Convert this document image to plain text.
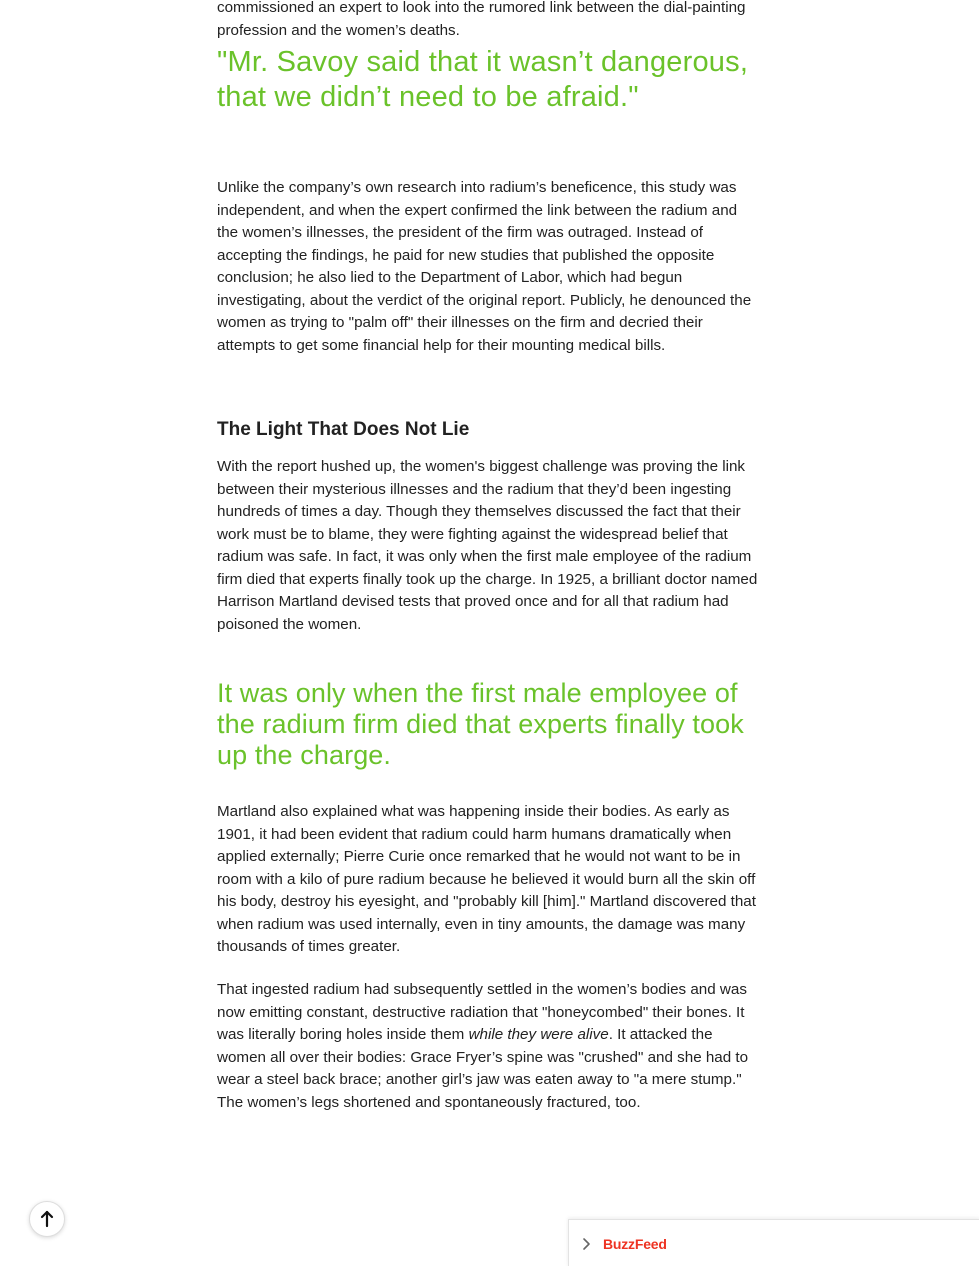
commissioned an expert to look into the rumored link between the dial-painting profession and the women’s deaths.

"Mr. Savoy said that it wasn’t dangerous, that we didn’t need to be afraid."

Unlike the company’s own research into radium’s beneficence, this study was independent, and when the expert confirmed the link between the radium and the women’s illnesses, the president of the firm was outraged. Instead of accepting the findings, he paid for new studies that published the opposite conclusion; he also lied to the Department of Labor, which had begun investigating, about the verdict of the original report. Publicly, he denounced the women as trying to "palm off" their illnesses on the firm and decried their attempts to get some financial help for their mounting medical bills.

The Light That Does Not Lie

With the report hushed up, the women's biggest challenge was proving the link between their mysterious illnesses and the radium that they’d been ingesting hundreds of times a day. Though they themselves discussed the fact that their work must be to blame, they were fighting against the widespread belief that radium was safe. In fact, it was only when the first male employee of the radium firm died that experts finally took up the charge. In 1925, a brilliant doctor named Harrison Martland devised tests that proved once and for all that radium had poisoned the women.

It was only when the first male employee of the radium firm died that experts finally took up the charge.

Martland also explained what was happening inside their bodies. As early as 1901, it had been evident that radium could harm humans dramatically when applied externally; Pierre Curie once remarked that he would not want to be in room with a kilo of pure radium because he believed it would burn all the skin off his body, destroy his eyesight, and "probably kill [him]." Martland discovered that when radium was used internally, even in tiny amounts, the damage was many thousands of times greater.

That ingested radium had subsequently settled in the women’s bodies and was now emitting constant, destructive radiation that "honeycombed" their bones. It was literally boring holes inside them while they were alive. It attacked the women all over their bodies: Grace Fryer’s spine was "crushed" and she had to wear a steel back brace; another girl’s jaw was eaten away to "a mere stump." The women’s legs shortened and spontaneously fractured, too.

BuzzFeed
